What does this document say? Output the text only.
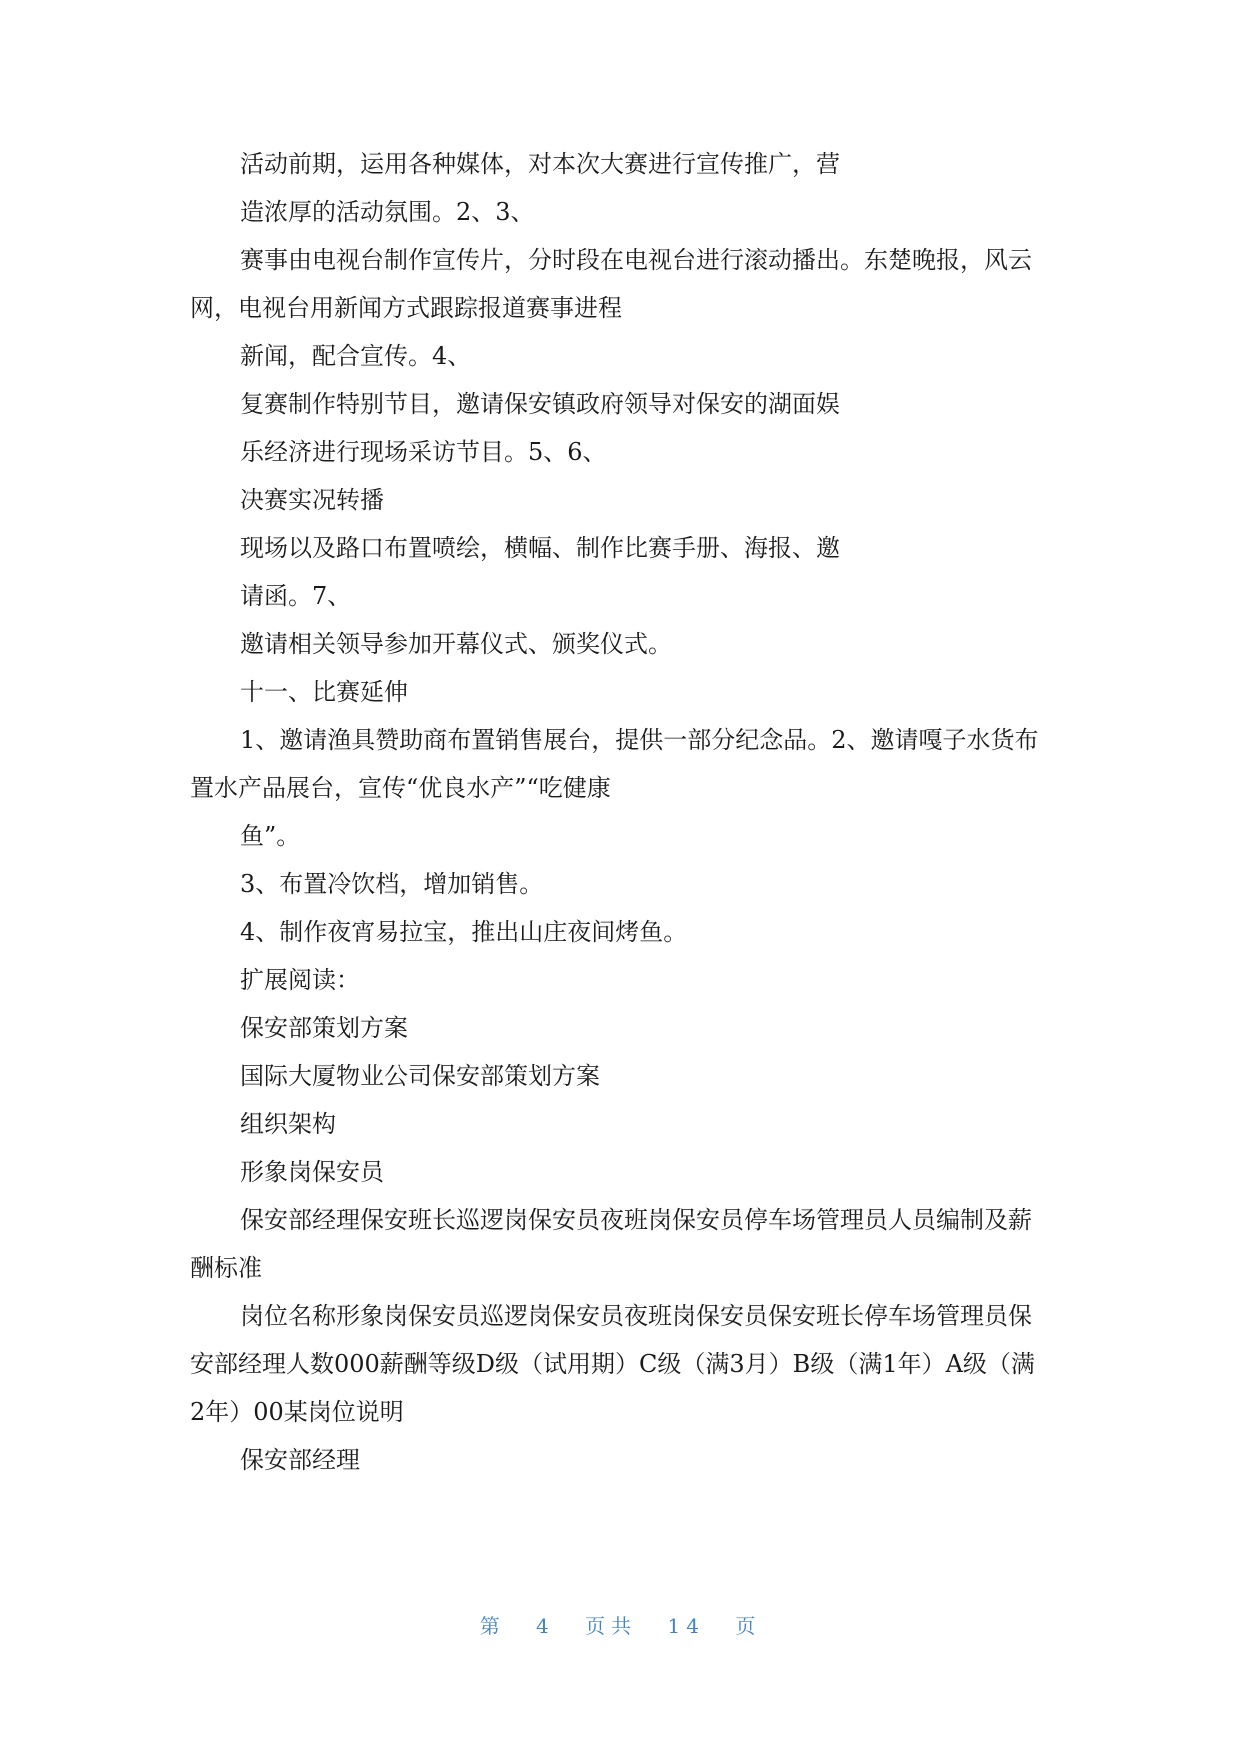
活动前期，运用各种媒体，对本次大赛进行宣传推广，营

造浓厚的活动氛围。2、3、

赛事由电视台制作宣传片，分时段在电视台进行滚动播出。东楚晚报，风云网，电视台用新闻方式跟踪报道赛事进程

新闻，配合宣传。4、

复赛制作特别节目，邀请保安镇政府领导对保安的湖面娱

乐经济进行现场采访节目。5、6、

决赛实况转播

现场以及路口布置喷绘，横幅、制作比赛手册、海报、邀

请函。7、

邀请相关领导参加开幕仪式、颁奖仪式。

十一、比赛延伸

1、邀请渔具赞助商布置销售展台，提供一部分纪念品。2、邀请嘎子水货布置水产品展台，宣传“优良水产”“吃健康

鱼”。

3、布置冷饮档，增加销售。

4、制作夜宵易拉宝，推出山庄夜间烤鱼。

扩展阅读：

保安部策划方案

国际大厦物业公司保安部策划方案

组织架构

形象岗保安员

保安部经理保安班长巡逻岗保安员夜班岗保安员停车场管理员人员编制及薪酬标准

岗位名称形象岗保安员巡逻岗保安员夜班岗保安员保安班长停车场管理员保安部经理人数000薪酬等级D级（试用期）C级（满3月）B级（满1年）A级（满2年）00某岗位说明

保安部经理

第 4 页共 14 页
